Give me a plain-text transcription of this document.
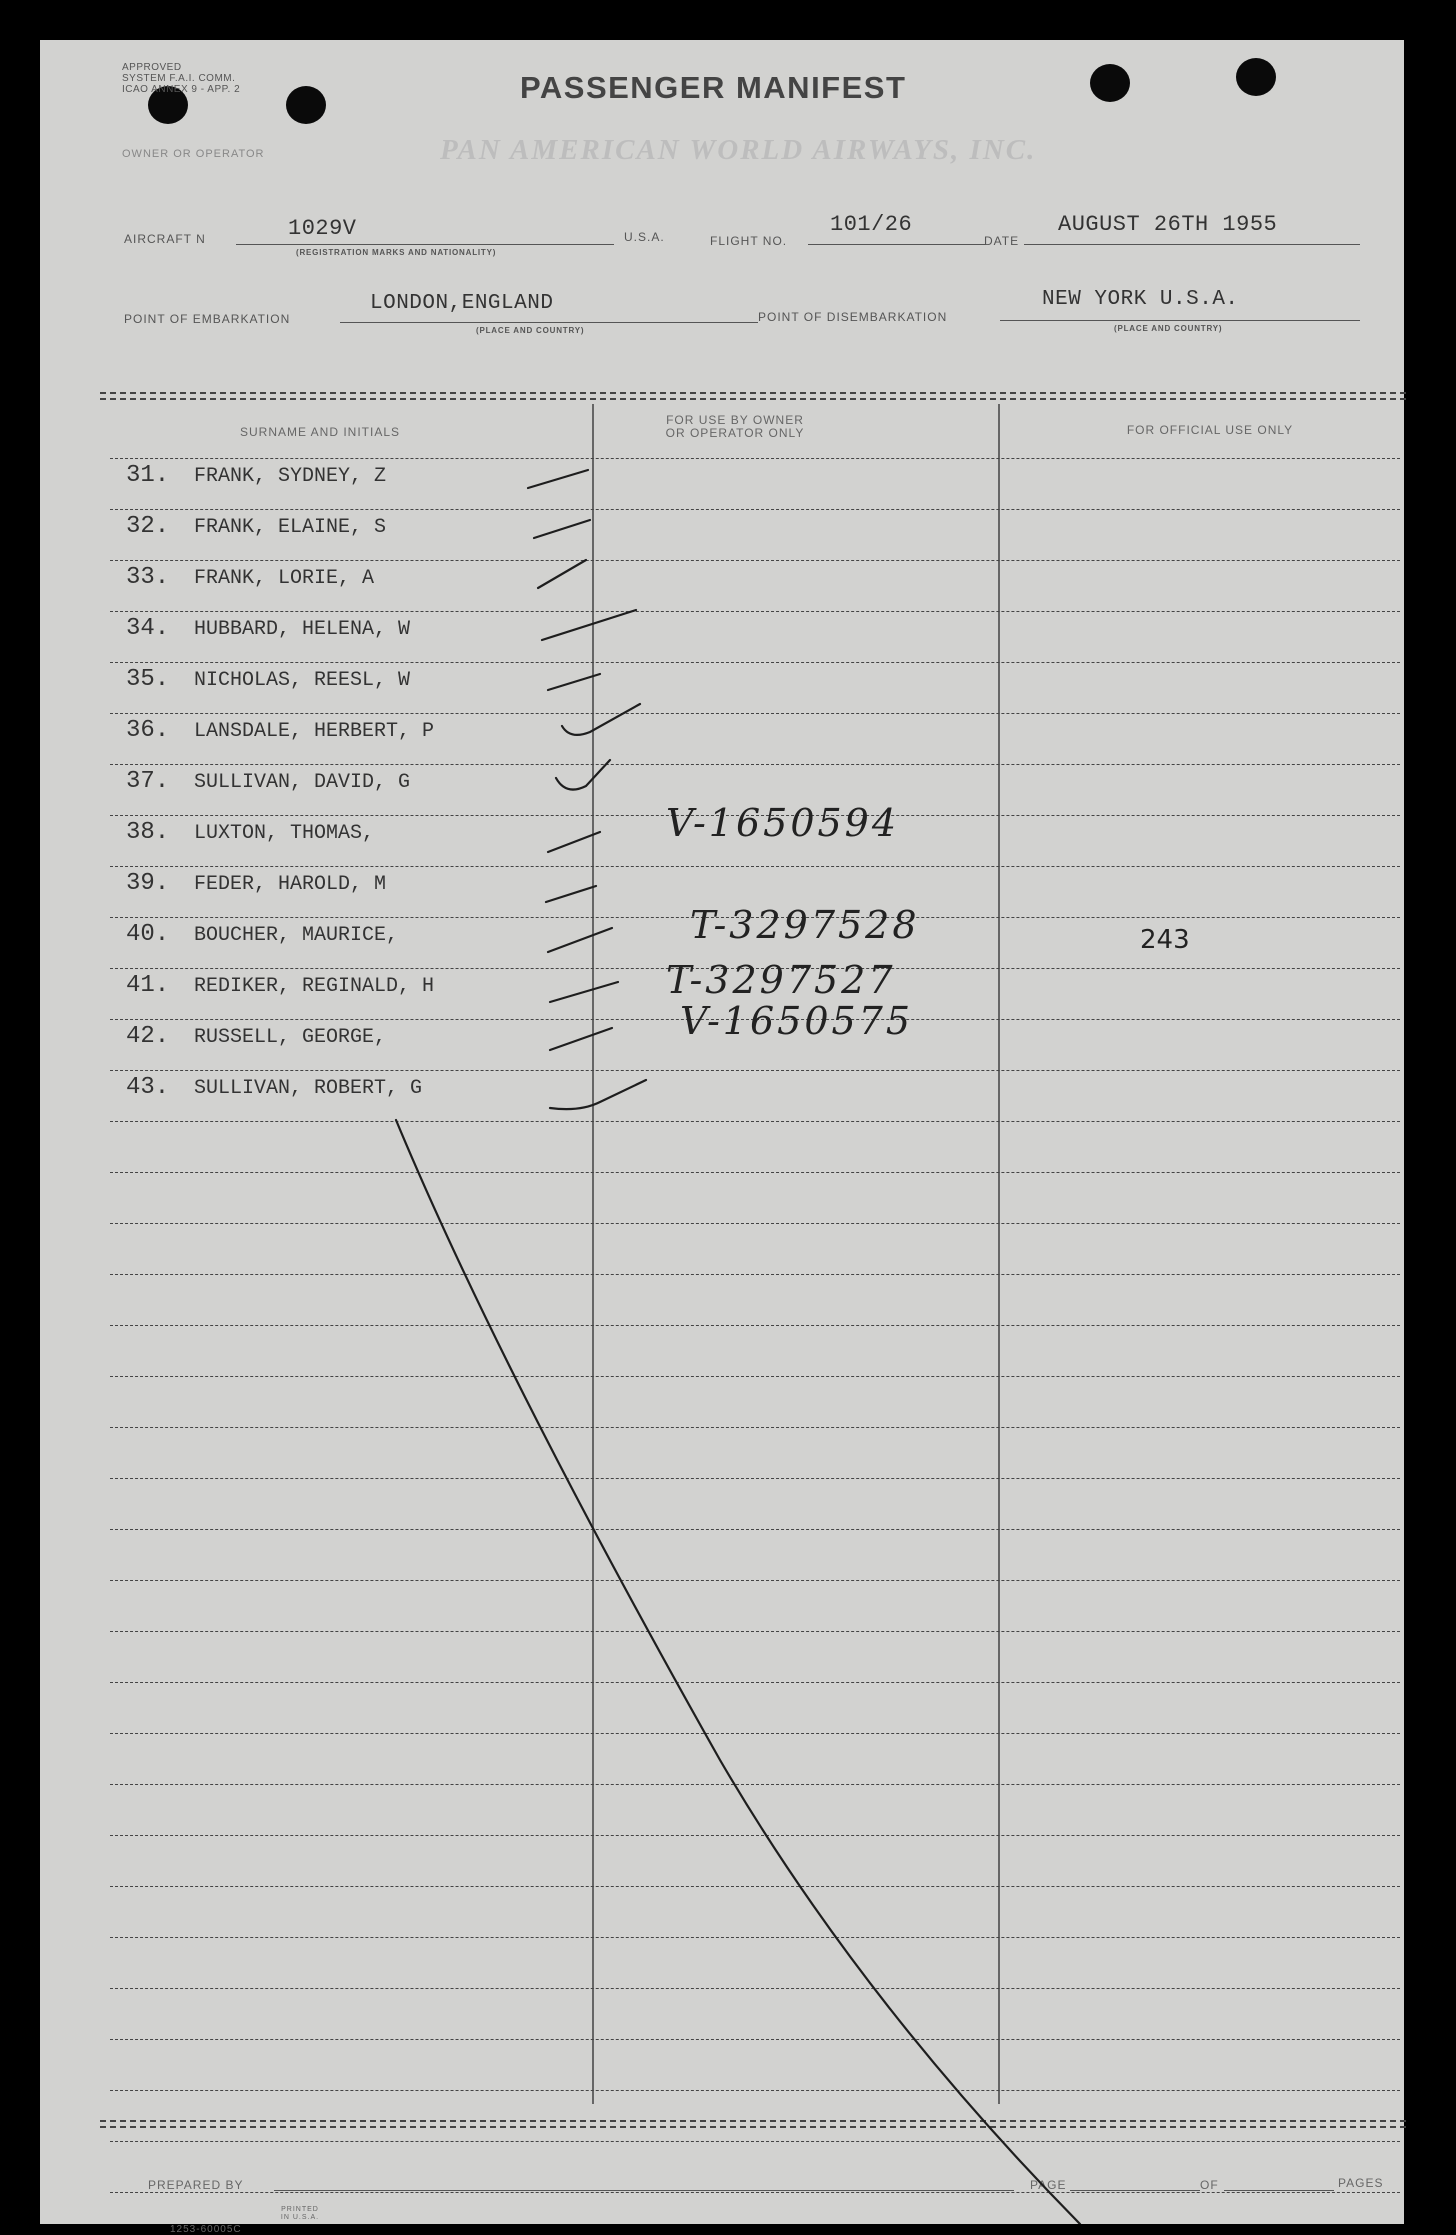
APPROVED
SYSTEM F.A.I. COMM.
ICAO ANNEX 9 - APP. 2	PASSENGER MANIFEST
OWNER OR OPERATOR	PAN AMERICAN WORLD AIRWAYS, INC.
AIRCRAFT N	1029V
(REGISTRATION MARKS AND NATIONALITY)
U.S.A.	FLIGHT NO.
101/26
DATE
AUGUST 26TH 1955
POINT OF EMBARKATION
LONDON,ENGLAND
(PLACE AND COUNTRY)
POINT OF DISEMBARKATION
NEW YORK U.S.A.
(PLACE AND COUNTRY)
SURNAME AND INITIALS
FOR USE BY OWNER
OR OPERATOR ONLY	FOR OFFICIAL USE ONLY
31. FRANK, SYDNEY, Z
32. FRANK, ELAINE, S
33. FRANK, LORIE, A
34. HUBBARD, HELENA, W
35. NICHOLAS, REESL, W
36. LANSDALE, HERBERT, P
37. SULLIVAN, DAVID, G
38. LUXTON, THOMAS,	V-1650594
39. FEDER, HAROLD, M
40. BOUCHER, MAURICE,	T-3297528	243
41. REDIKER, REGINALD, H	T-3297527
42. RUSSELL, GEORGE,	V-1650575
43. SULLIVAN, ROBERT, G
PREPARED BY	PAGE	OF	PAGES
1253-60005C
PRINTED IN U.S.A.
